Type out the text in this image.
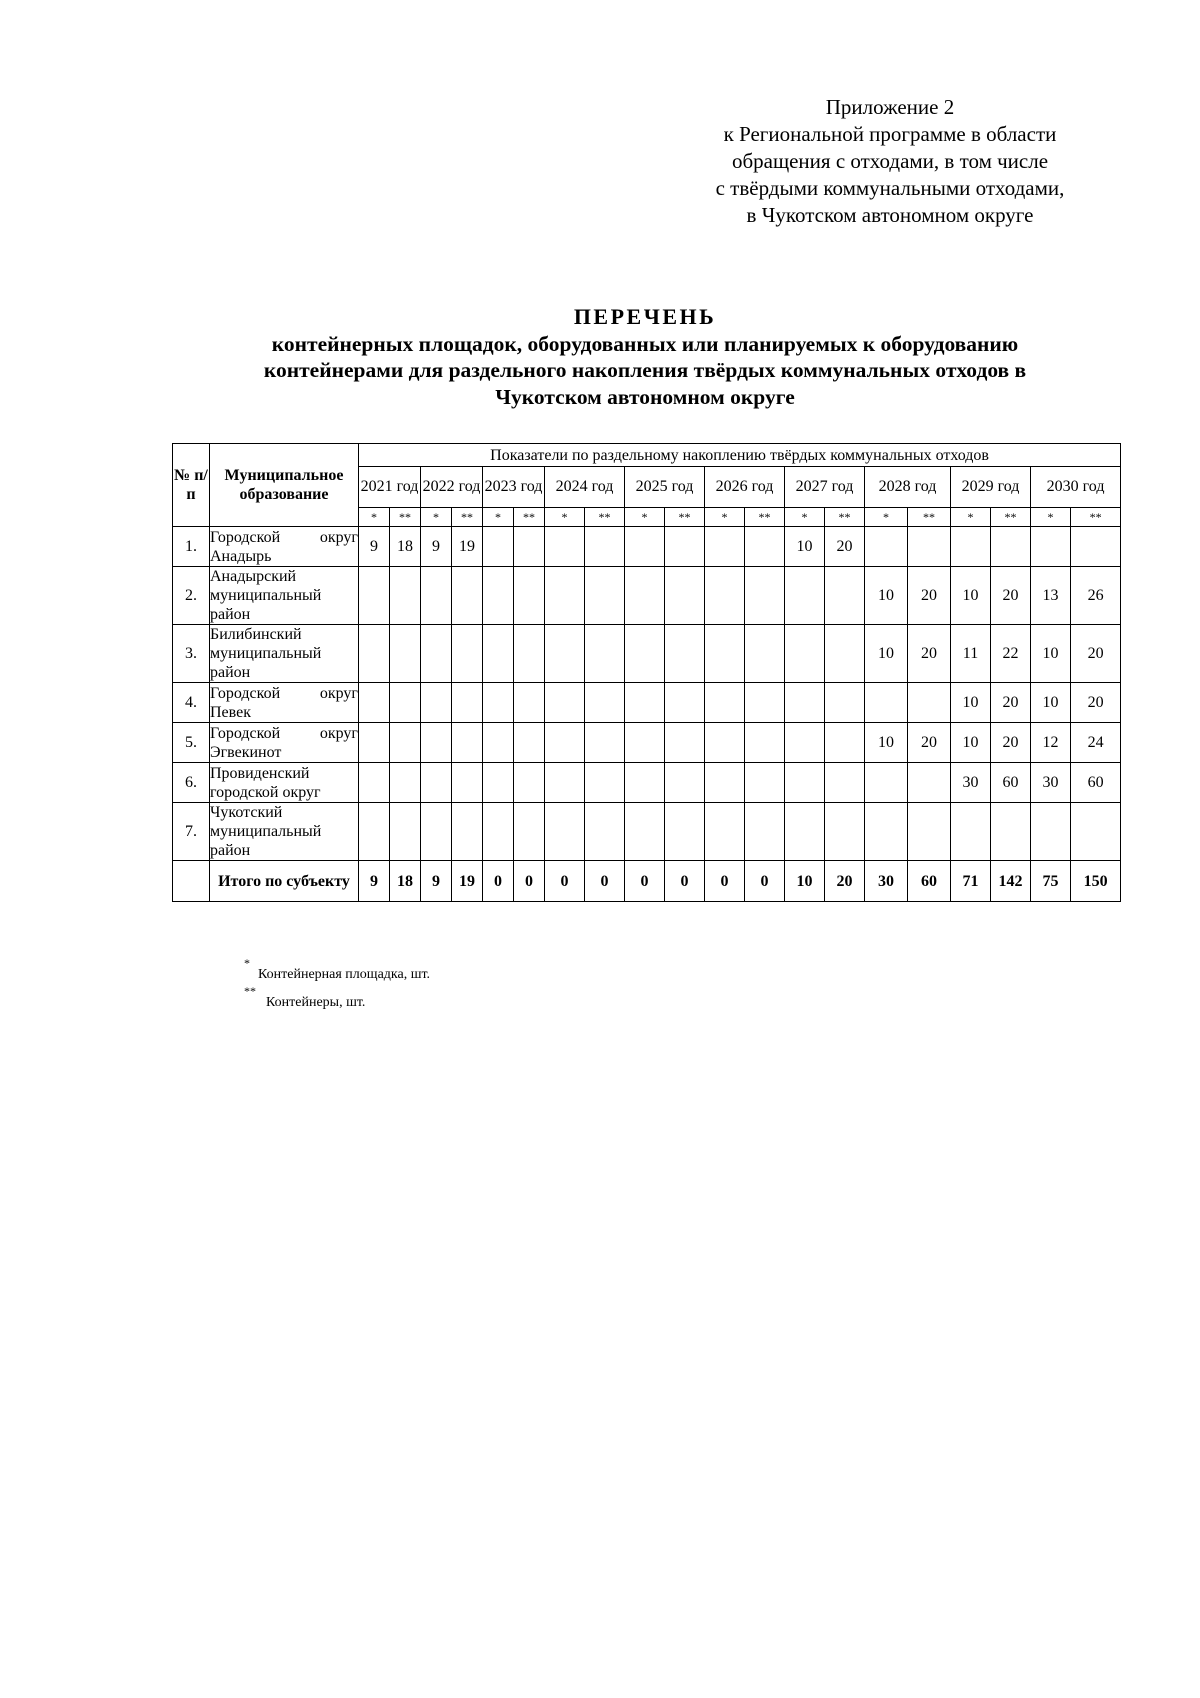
Приложение 2
к Региональной программе в области
обращения с отходами, в том числе
с твёрдыми коммунальными отходами,
в Чукотском автономном округе
ПЕРЕЧЕНЬ
контейнерных площадок, оборудованных или планируемых к оборудованию
контейнерами для раздельного накопления твёрдых коммунальных отходов в
Чукотском автономном округе
№ п/п	Муниципальное образование	Показатели по раздельному накоплению твёрдых коммунальных отходов																			
		2021 год		2022 год		2023 год		2024 год		2025 год		2026 год		2027 год		2028 год		2029 год		2030 год	
		*	**	*	**	*	**	*	**	*	**	*	**	*	**	*	**	*	**	*	**
1.	Городской округ Анадырь	9	18	9	19									10	20						
2.	Анадырский муниципальный район															10	20	10	20	13	26
3.	Билибинский муниципальный район															10	20	11	22	10	20
4.	Городской округ Певек																	10	20	10	20
5.	Городской округ Эгвекинот															10	20	10	20	12	24
6.	Провиденский городской округ																	30	60	30	60
7.	Чукотский муниципальный район																				

	Итого по субъекту	9	18	9	19	0	0	0	0	0	0	0	0	10	20	30	60	71	142	75	150
*
Контейнерная площадка, шт.
**
Контейнеры, шт.
